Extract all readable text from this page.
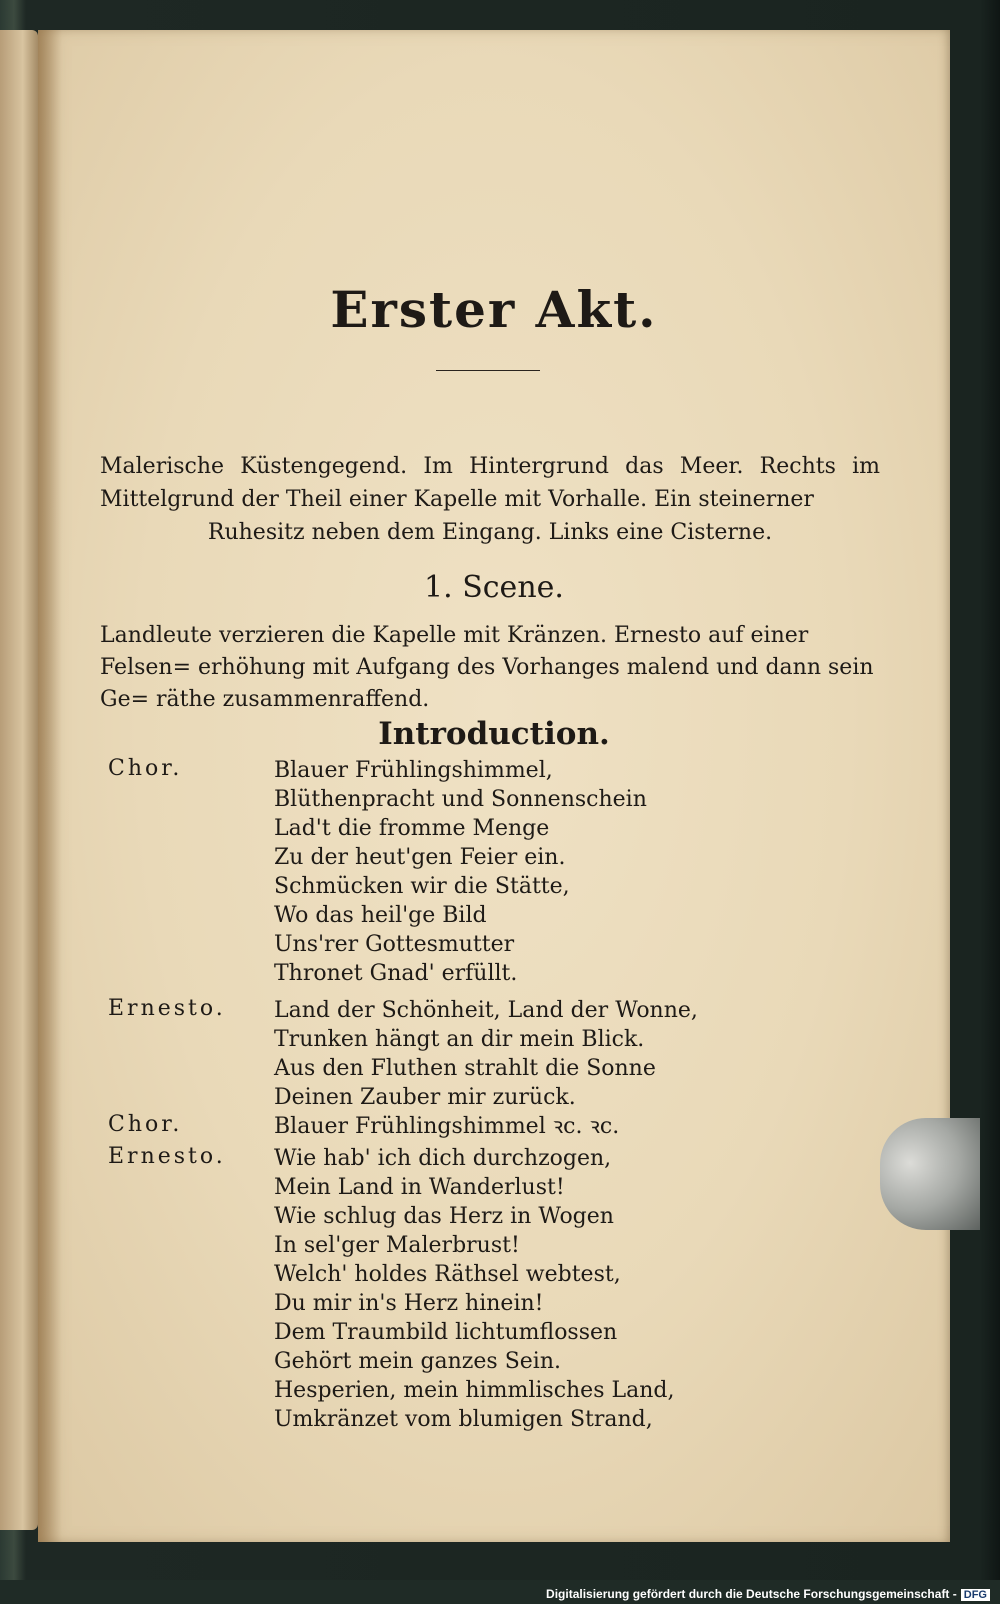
Erster Akt.
Malerische Küstengegend. Im Hintergrund das Meer. Rechts im Mittelgrund der Theil einer Kapelle mit Vorhalle. Ein steinerner
Ruhesitz neben dem Eingang. Links eine Cisterne.
1. Scene.
Landleute verzieren die Kapelle mit Kränzen. Ernesto auf einer Felsen= erhöhung mit Aufgang des Vorhanges malend und dann sein Ge= räthe zusammenraffend.
Introduction.
Chor.	Blauer Frühlingshimmel,
Blüthenpracht und Sonnenschein
Lad't die fromme Menge
Zu der heut'gen Feier ein.
Schmücken wir die Stätte,
Wo das heil'ge Bild
Uns'rer Gottesmutter
Thronet Gnad' erfüllt.
Ernesto. Land der Schönheit, Land der Wonne,
Trunken hängt an dir mein Blick.
Aus den Fluthen strahlt die Sonne
Deinen Zauber mir zurück.
Chor.	Blauer Frühlingshimmel ꝛc. ꝛc.
Ernesto. Wie hab' ich dich durchzogen,
Mein Land in Wanderlust!
Wie schlug das Herz in Wogen
In sel'ger Malerbrust!
Welch' holdes Räthsel webtest,
Du mir in's Herz hinein!
Dem Traumbild lichtumflossen
Gehört mein ganzes Sein.
Hesperien, mein himmlisches Land,
Umkränzet vom blumigen Strand,
Digitalisierung gefördert durch die Deutsche Forschungsgemeinschaft - DFG
